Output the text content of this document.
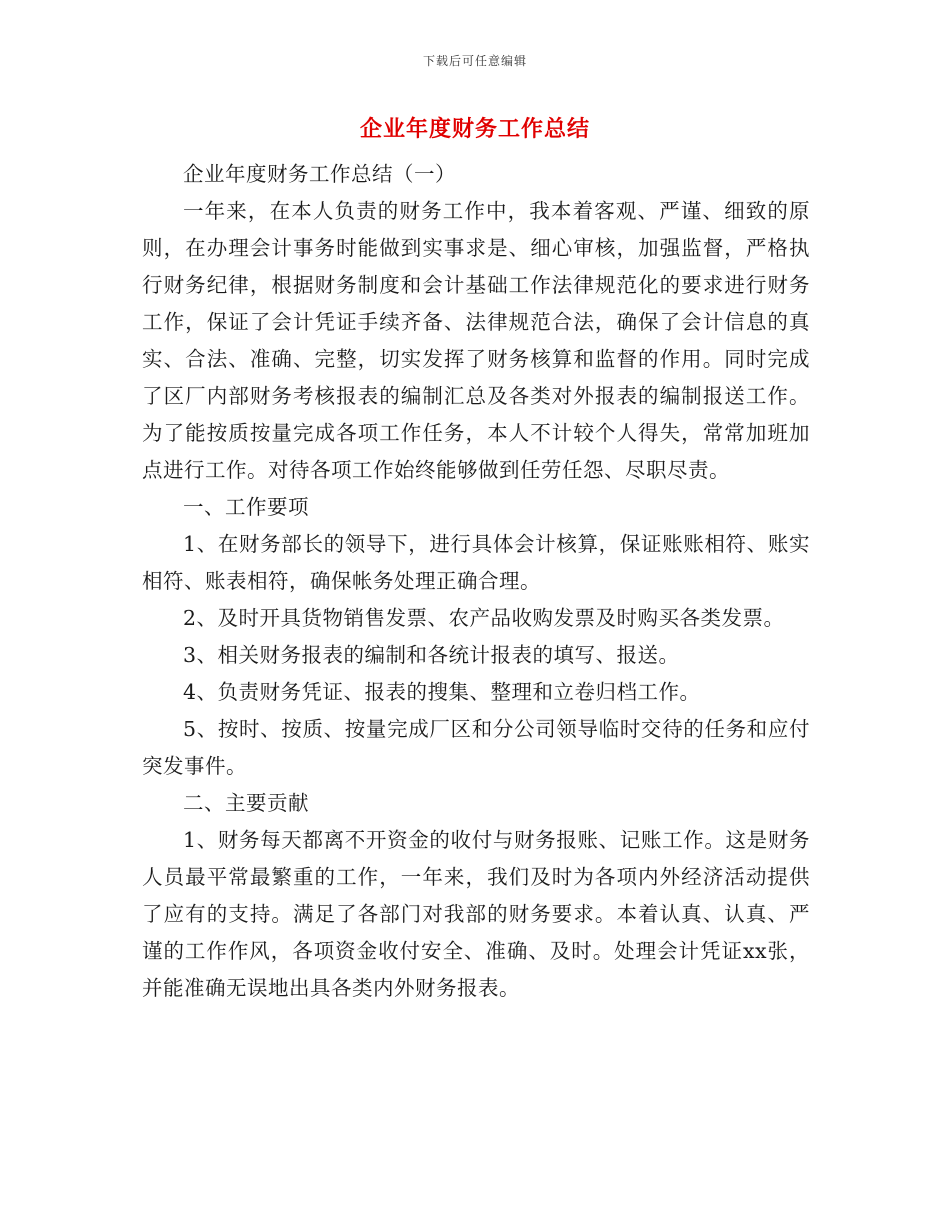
下载后可任意编辑
企业年度财务工作总结

企业年度财务工作总结（一）

一年来，在本人负责的财务工作中，我本着客观、严谨、细致的原则，在办理会计事务时能做到实事求是、细心审核，加强监督，严格执行财务纪律，根据财务制度和会计基础工作法律规范化的要求进行财务工作，保证了会计凭证手续齐备、法律规范合法，确保了会计信息的真实、合法、准确、完整，切实发挥了财务核算和监督的作用。同时完成了区厂内部财务考核报表的编制汇总及各类对外报表的编制报送工作。为了能按质按量完成各项工作任务，本人不计较个人得失，常常加班加点进行工作。对待各项工作始终能够做到任劳任怨、尽职尽责。

一、工作要项

1、在财务部长的领导下，进行具体会计核算，保证账账相符、账实相符、账表相符，确保帐务处理正确合理。

2、及时开具货物销售发票、农产品收购发票及时购买各类发票。

3、相关财务报表的编制和各统计报表的填写、报送。

4、负责财务凭证、报表的搜集、整理和立卷归档工作。

5、按时、按质、按量完成厂区和分公司领导临时交待的任务和应付突发事件。

二、主要贡献

1、财务每天都离不开资金的收付与财务报账、记账工作。这是财务人员最平常最繁重的工作，一年来，我们及时为各项内外经济活动提供了应有的支持。满足了各部门对我部的财务要求。本着认真、认真、严谨的工作作风，各项资金收付安全、准确、及时。处理会计凭证xx张，并能准确无误地出具各类内外财务报表。
